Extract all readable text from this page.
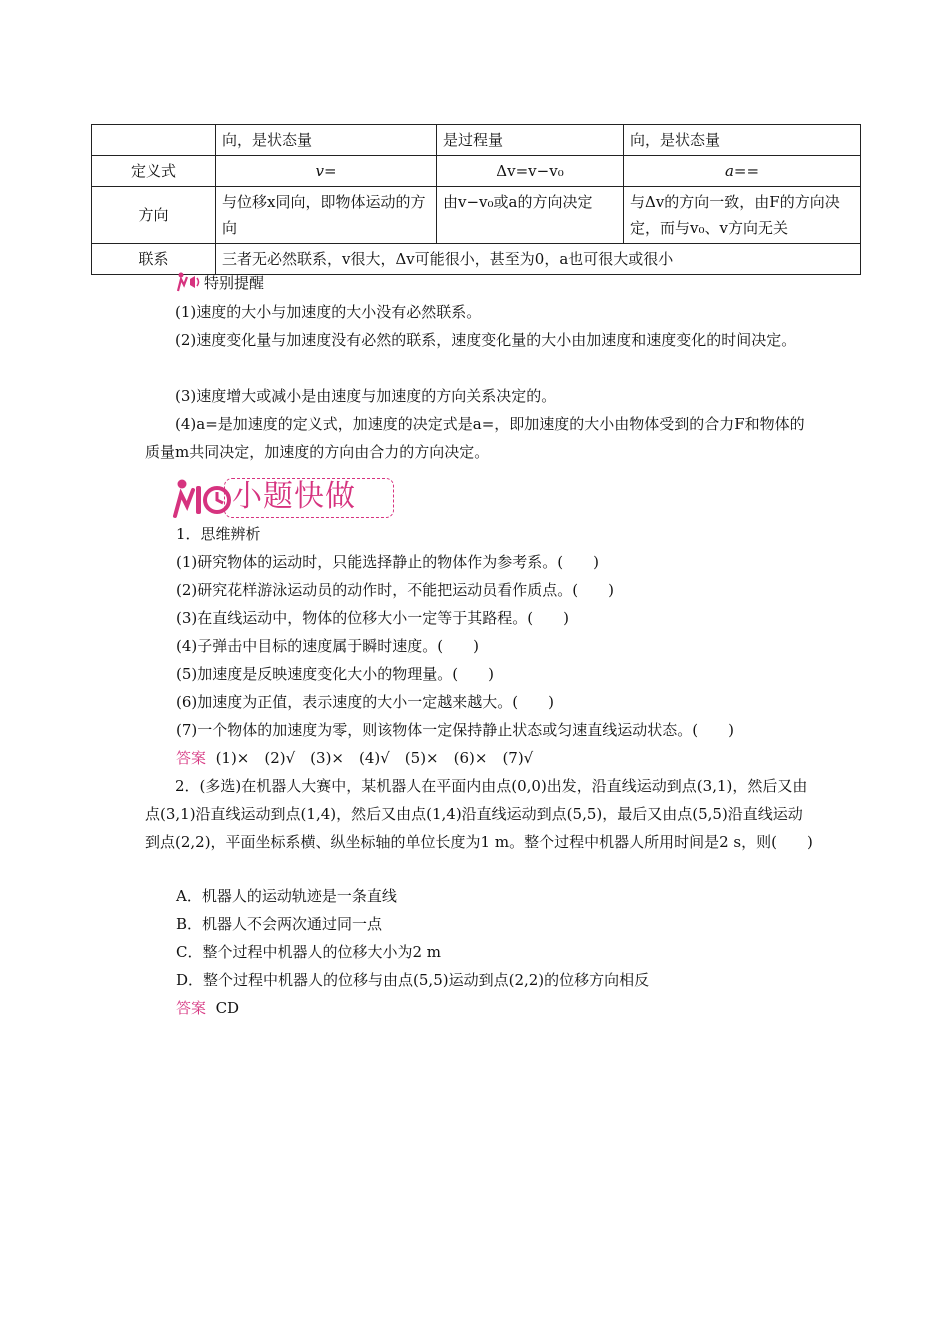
	向，是状态量	是过程量	向，是状态量
定义式	v=	Δv=v−v₀	a==
方向	与位移x同向，即物体运动的方向	由v−v₀或a的方向决定	与Δv的方向一致，由F的方向决定，而与v₀、v方向无关
联系	三者无必然联系，v很大，Δv可能很小，甚至为0，a也可很大或很小		
特别提醒
(1)速度的大小与加速度的大小没有必然联系。
(2)速度变化量与加速度没有必然的联系，速度变化量的大小由加速度和速度变化的时间决定。
(3)速度增大或减小是由速度与加速度的方向关系决定的。
(4)a=是加速度的定义式，加速度的决定式是a=，即加速度的大小由物体受到的合力F和物体的质量m共同决定，加速度的方向由合力的方向决定。
小题快做
1．思维辨析
(1)研究物体的运动时，只能选择静止的物体作为参考系。(　　)
(2)研究花样游泳运动员的动作时，不能把运动员看作质点。(　　)
(3)在直线运动中，物体的位移大小一定等于其路程。(　　)
(4)子弹击中目标的速度属于瞬时速度。(　　)
(5)加速度是反映速度变化大小的物理量。(　　)
(6)加速度为正值，表示速度的大小一定越来越大。(　　)
(7)一个物体的加速度为零，则该物体一定保持静止状态或匀速直线运动状态。(　　)
答案 (1)×　(2)√　(3)×　(4)√　(5)×　(6)×　(7)√
2．(多选)在机器人大赛中，某机器人在平面内由点(0,0)出发，沿直线运动到点(3,1)，然后又由点(3,1)沿直线运动到点(1,4)，然后又由点(1,4)沿直线运动到点(5,5)，最后又由点(5,5)沿直线运动到点(2,2)，平面坐标系横、纵坐标轴的单位长度为1 m。整个过程中机器人所用时间是2 s，则(　　)
A．机器人的运动轨迹是一条直线
B．机器人不会两次通过同一点
C．整个过程中机器人的位移大小为2 m
D．整个过程中机器人的位移与由点(5,5)运动到点(2,2)的位移方向相反
答案 CD
